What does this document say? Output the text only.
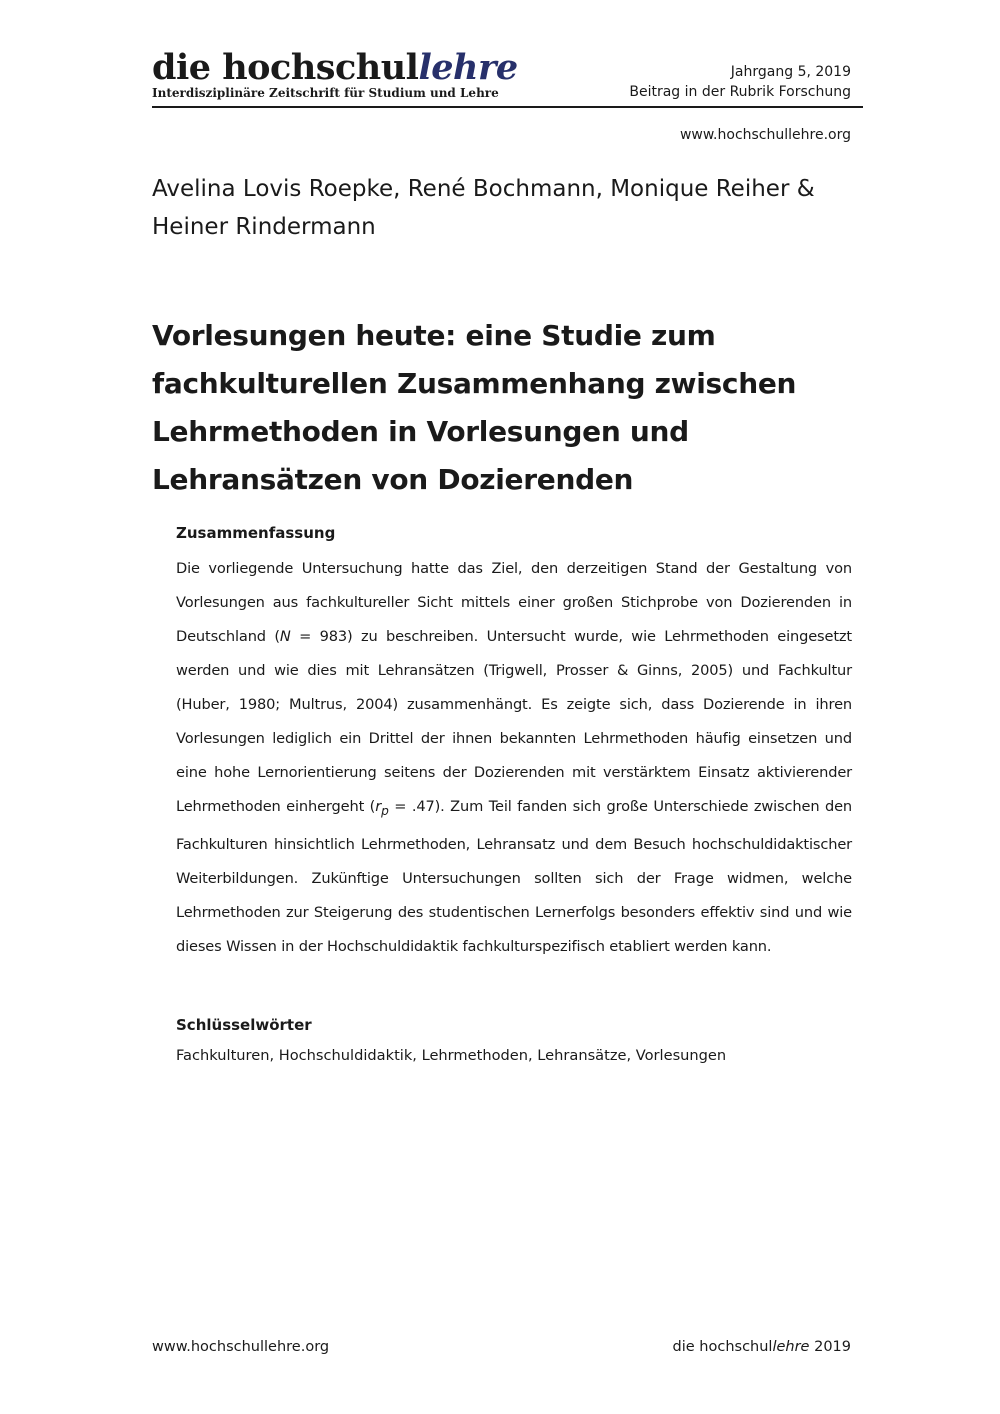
die hochschullehre
Interdisziplinäre Zeitschrift für Studium und Lehre
Jahrgang 5, 2019
Beitrag in der Rubrik Forschung
www.hochschullehre.org
Avelina Lovis Roepke, René Bochmann, Monique Reiher &
Heiner Rindermann
Vorlesungen heute: eine Studie zum
fachkulturellen Zusammenhang zwischen
Lehrmethoden in Vorlesungen und
Lehransätzen von Dozierenden
Zusammenfassung

Die vorliegende Untersuchung hatte das Ziel, den derzeitigen Stand der Gestaltung von Vorlesungen aus fachkultureller Sicht mittels einer großen Stichprobe von Dozierenden in Deutschland (N = 983) zu beschreiben. Untersucht wurde, wie Lehrmethoden eingesetzt werden und wie dies mit Lehransätzen (Trigwell, Prosser & Ginns, 2005) und Fachkultur (Huber, 1980; Multrus, 2004) zusammenhängt. Es zeigte sich, dass Dozierende in ihren Vorlesungen lediglich ein Drittel der ihnen bekannten Lehrmethoden häufig einsetzen und eine hohe Lernorientierung seitens der Dozierenden mit verstärktem Einsatz aktivierender Lehrmethoden einhergeht $(r_p = .47)$. Zum Teil fanden sich große Unterschiede zwischen den Fachkulturen hinsichtlich Lehrmethoden, Lehransatz und dem Besuch hochschuldidaktischer Weiterbildungen. Zukünftige Untersuchungen sollten sich der Frage widmen, welche Lehrmethoden zur Steigerung des studentischen Lernerfolgs besonders effektiv sind und wie dieses Wissen in der Hochschuldidaktik fachkulturspezifisch etabliert werden kann.

Schlüsselwörter
Fachkulturen, Hochschuldidaktik, Lehrmethoden, Lehransätze, Vorlesungen
www.hochschullehre.org	die hochschullehre 2019
